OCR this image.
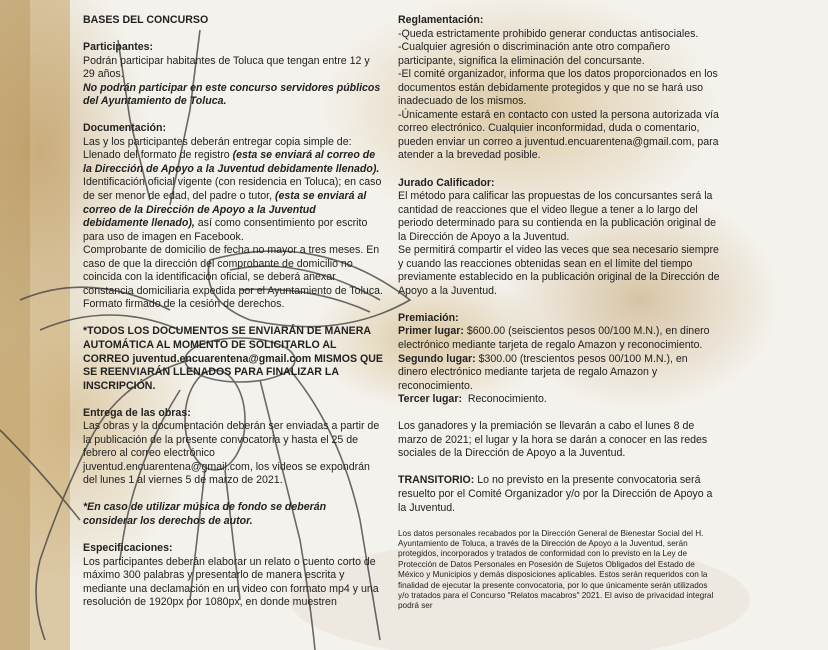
BASES DEL CONCURSO

Participantes:

Podrán participar habitantes de Toluca que tengan entre 12 y 29 años.

No podrán participar en este concurso servidores públicos del Ayuntamiento de Toluca.

Documentación:

Las y los participantes deberán entregar copia simple de:

Llenado del formato de registro (esta se enviará al correo de la Dirección de Apoyo a la Juventud debidamente llenado).

Identificación oficial vigente (con residencia en Toluca); en caso de ser menor de edad, del padre o tutor, (esta se enviará al correo de la Dirección de Apoyo a la Juventud debidamente llenado), así como consentimiento por escrito para uso de imagen en Facebook.

Comprobante de domicilio de fecha no mayor a tres meses. En caso de que la dirección del comprobante de domicilio no coincida con la identificación oficial, se deberá anexar constancia domiciliaria expedida por el Ayuntamiento de Toluca.

Formato firmado de la cesión de derechos.

*TODOS LOS DOCUMENTOS SE ENVIARÁN DE MANERA AUTOMÁTICA AL MOMENTO DE SOLICITARLO AL CORREO juventud.encuarentena@gmail.com MISMOS QUE SE REENVIARÁN LLENADOS PARA FINALIZAR LA INSCRIPCIÓN.

Entrega de las obras:

Las obras y la documentación deberán ser enviadas a partir de la publicación de la presente convocatoria y hasta el 25 de febrero al correo electrónico juventud.encuarentena@gmail.com, los videos se expondrán del lunes 1 al viernes 5 de marzo de 2021.

*En caso de utilizar música de fondo se deberán considerar los derechos de autor.

Especificaciones:

Los participantes deberán elaborar un relato o cuento corto de máximo 300 palabras y presentarlo de manera escrita y mediante una declamación en un video con formato mp4 y una resolución de 1920px por 1080px, en donde muestren

Reglamentación:

-Queda estrictamente prohibido generar conductas antisociales.
-Cualquier agresión o discriminación ante otro compañero participante, significa la eliminación del concursante.
-El comité organizador, informa que los datos proporcionados en los documentos están debidamente protegidos y que no se hará uso inadecuado de los mismos.
-Únicamente estará en contacto con usted la persona autorizada vía correo electrónico. Cualquier inconformidad, duda o comentario, pueden enviar un correo a juventud.encuarentena@gmail.com, para atender a la brevedad posible.

Jurado Calificador:

El método para calificar las propuestas de los concursantes será la cantidad de reacciones que el video llegue a tener a lo largo del periodo determinado para su contienda en la publicación original de la Dirección de Apoyo a la Juventud.
Se permitirá compartir el video las veces que sea necesario siempre y cuando las reacciones obtenidas sean en el límite del tiempo previamente establecido en la publicación original de la Dirección de Apoyo a la Juventud.

Premiación:

Primer lugar: $600.00 (seiscientos pesos 00/100 M.N.), en dinero electrónico mediante tarjeta de regalo Amazon y reconocimiento.

Segundo lugar: $300.00 (trescientos pesos 00/100 M.N.), en dinero electrónico mediante tarjeta de regalo Amazon y reconocimiento.

Tercer lugar:  Reconocimiento.

Los ganadores y la premiación se llevarán a cabo el lunes 8 de marzo de 2021; el lugar y la hora se darán a conocer en las redes sociales de la Dirección de Apoyo a la Juventud.

TRANSITORIO: Lo no previsto en la presente convocatoria será resuelto por el Comité Organizador y/o por la Dirección de Apoyo a la Juventud.

Los datos personales recabados por la Dirección General de Bienestar Social del H. Ayuntamiento de Toluca, a través de la Dirección de Apoyo a la Juventud, serán protegidos, incorporados y tratados de conformidad con lo previsto en la Ley de Protección de Datos Personales en Posesión de Sujetos Obligados del Estado de México y Municipios y demás disposiciones aplicables. Estos serán requeridos con la finalidad de ejecutar la presente convocatoria, por lo que únicamente serán utilizados y/o tratados para el Concurso "Relatos macabros" 2021. El aviso de privacidad integral podrá ser
